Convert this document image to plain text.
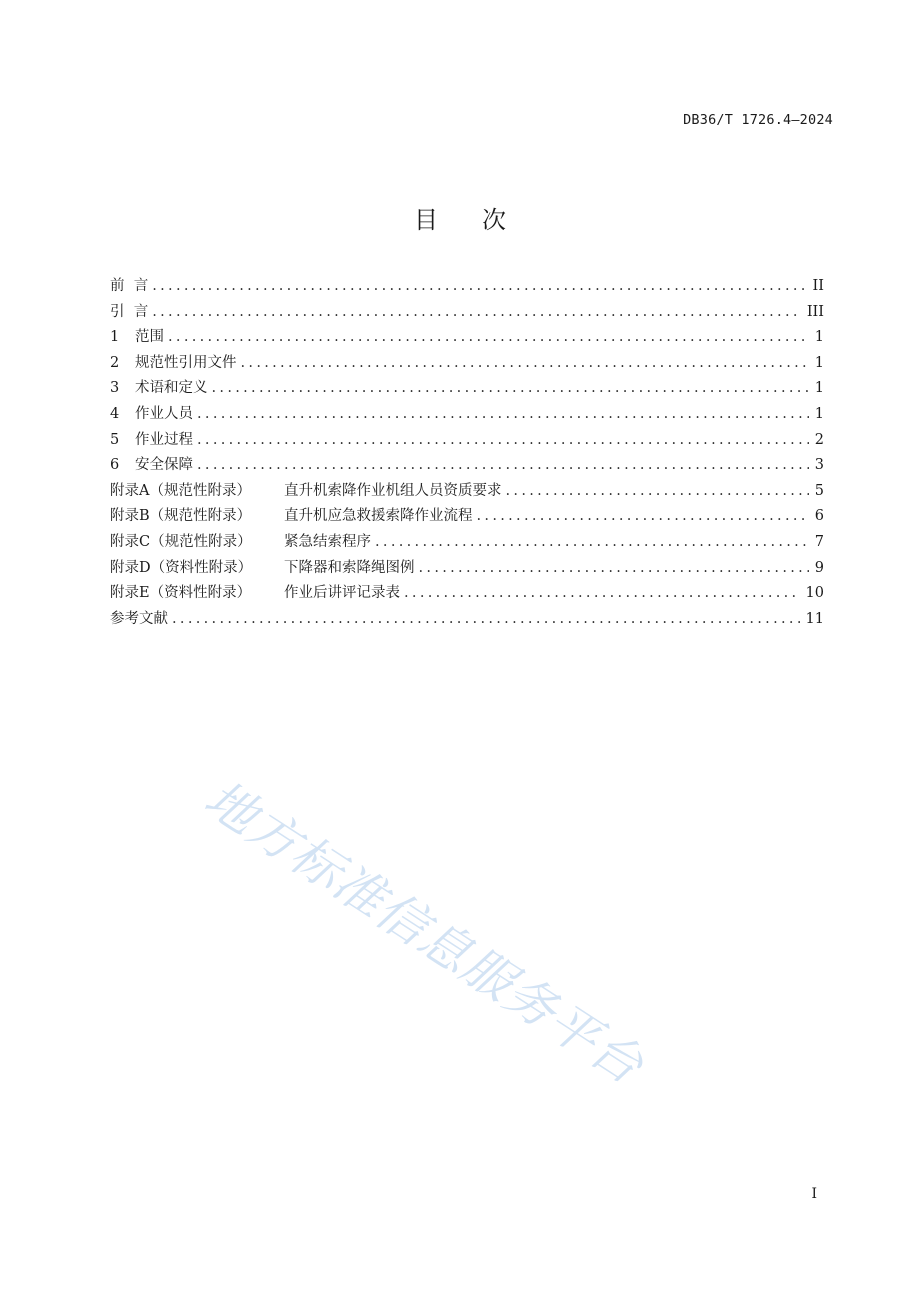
DB36/T 1726.4—2024
目次
前  言 .....	II
引  言 .....	III
1 范围 .....	1
2 规范性引用文件 .....	1
3 术语和定义 .....	1
4 作业人员 .....	1
5 作业过程 .....	2
6 安全保障 .....	3
附录A（规范性附录） 直升机索降作业机组人员资质要求 .....	5
附录B（规范性附录） 直升机应急救援索降作业流程 .....	6
附录C（规范性附录） 紧急结索程序 .....	7
附录D（资料性附录） 下降器和索降绳图例 .....	9
附录E（资料性附录） 作业后讲评记录表 .....	10
参考文献 .....	11
地方标准信息服务平台
I
